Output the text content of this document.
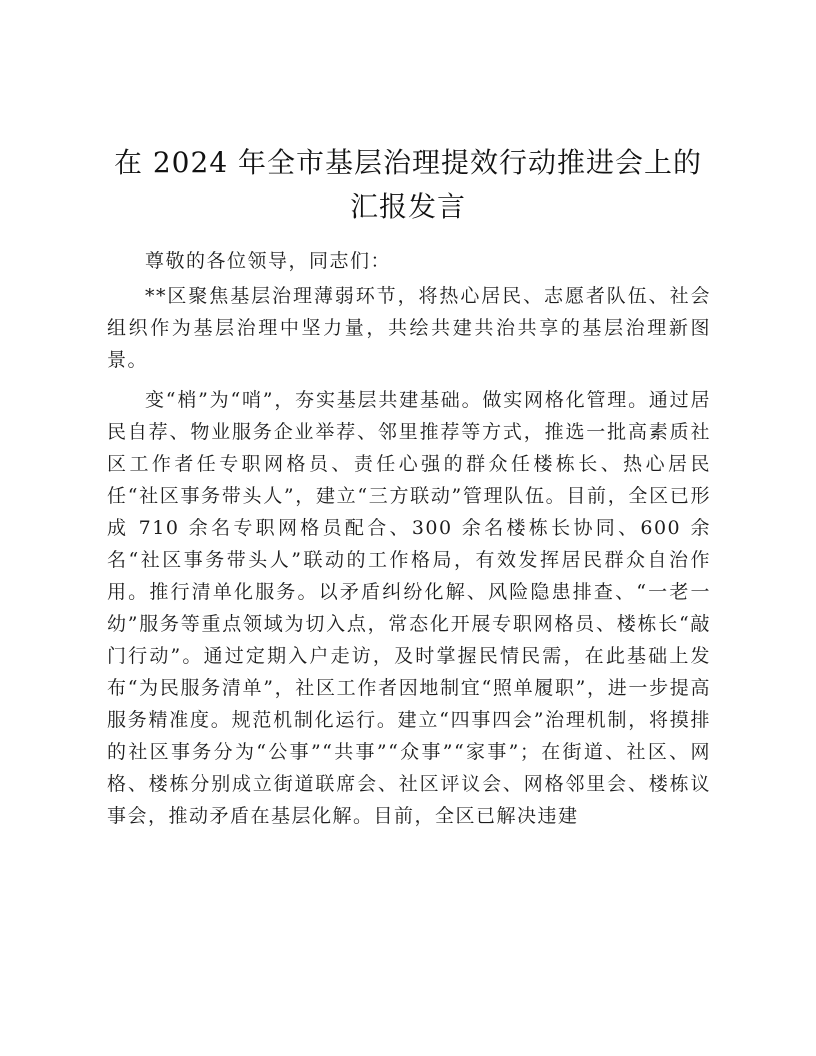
在 2024 年全市基层治理提效行动推进会上的汇报发言

尊敬的各位领导，同志们：

**区聚焦基层治理薄弱环节，将热心居民、志愿者队伍、社会组织作为基层治理中坚力量，共绘共建共治共享的基层治理新图景。

变“梢”为“哨”，夯实基层共建基础。做实网格化管理。通过居民自荐、物业服务企业举荐、邻里推荐等方式，推选一批高素质社区工作者任专职网格员、责任心强的群众任楼栋长、热心居民任“社区事务带头人”，建立“三方联动”管理队伍。目前，全区已形成 710 余名专职网格员配合、300 余名楼栋长协同、600 余名“社区事务带头人”联动的工作格局，有效发挥居民群众自治作用。推行清单化服务。以矛盾纠纷化解、风险隐患排查、“一老一幼”服务等重点领域为切入点，常态化开展专职网格员、楼栋长“敲门行动”。通过定期入户走访，及时掌握民情民需，在此基础上发布“为民服务清单”，社区工作者因地制宜“照单履职”，进一步提高服务精准度。规范机制化运行。建立“四事四会”治理机制，将摸排的社区事务分为“公事”“共事”“众事”“家事”；在街道、社区、网格、楼栋分别成立街道联席会、社区评议会、网格邻里会、楼栋议事会，推动矛盾在基层化解。目前，全区已解决违建
